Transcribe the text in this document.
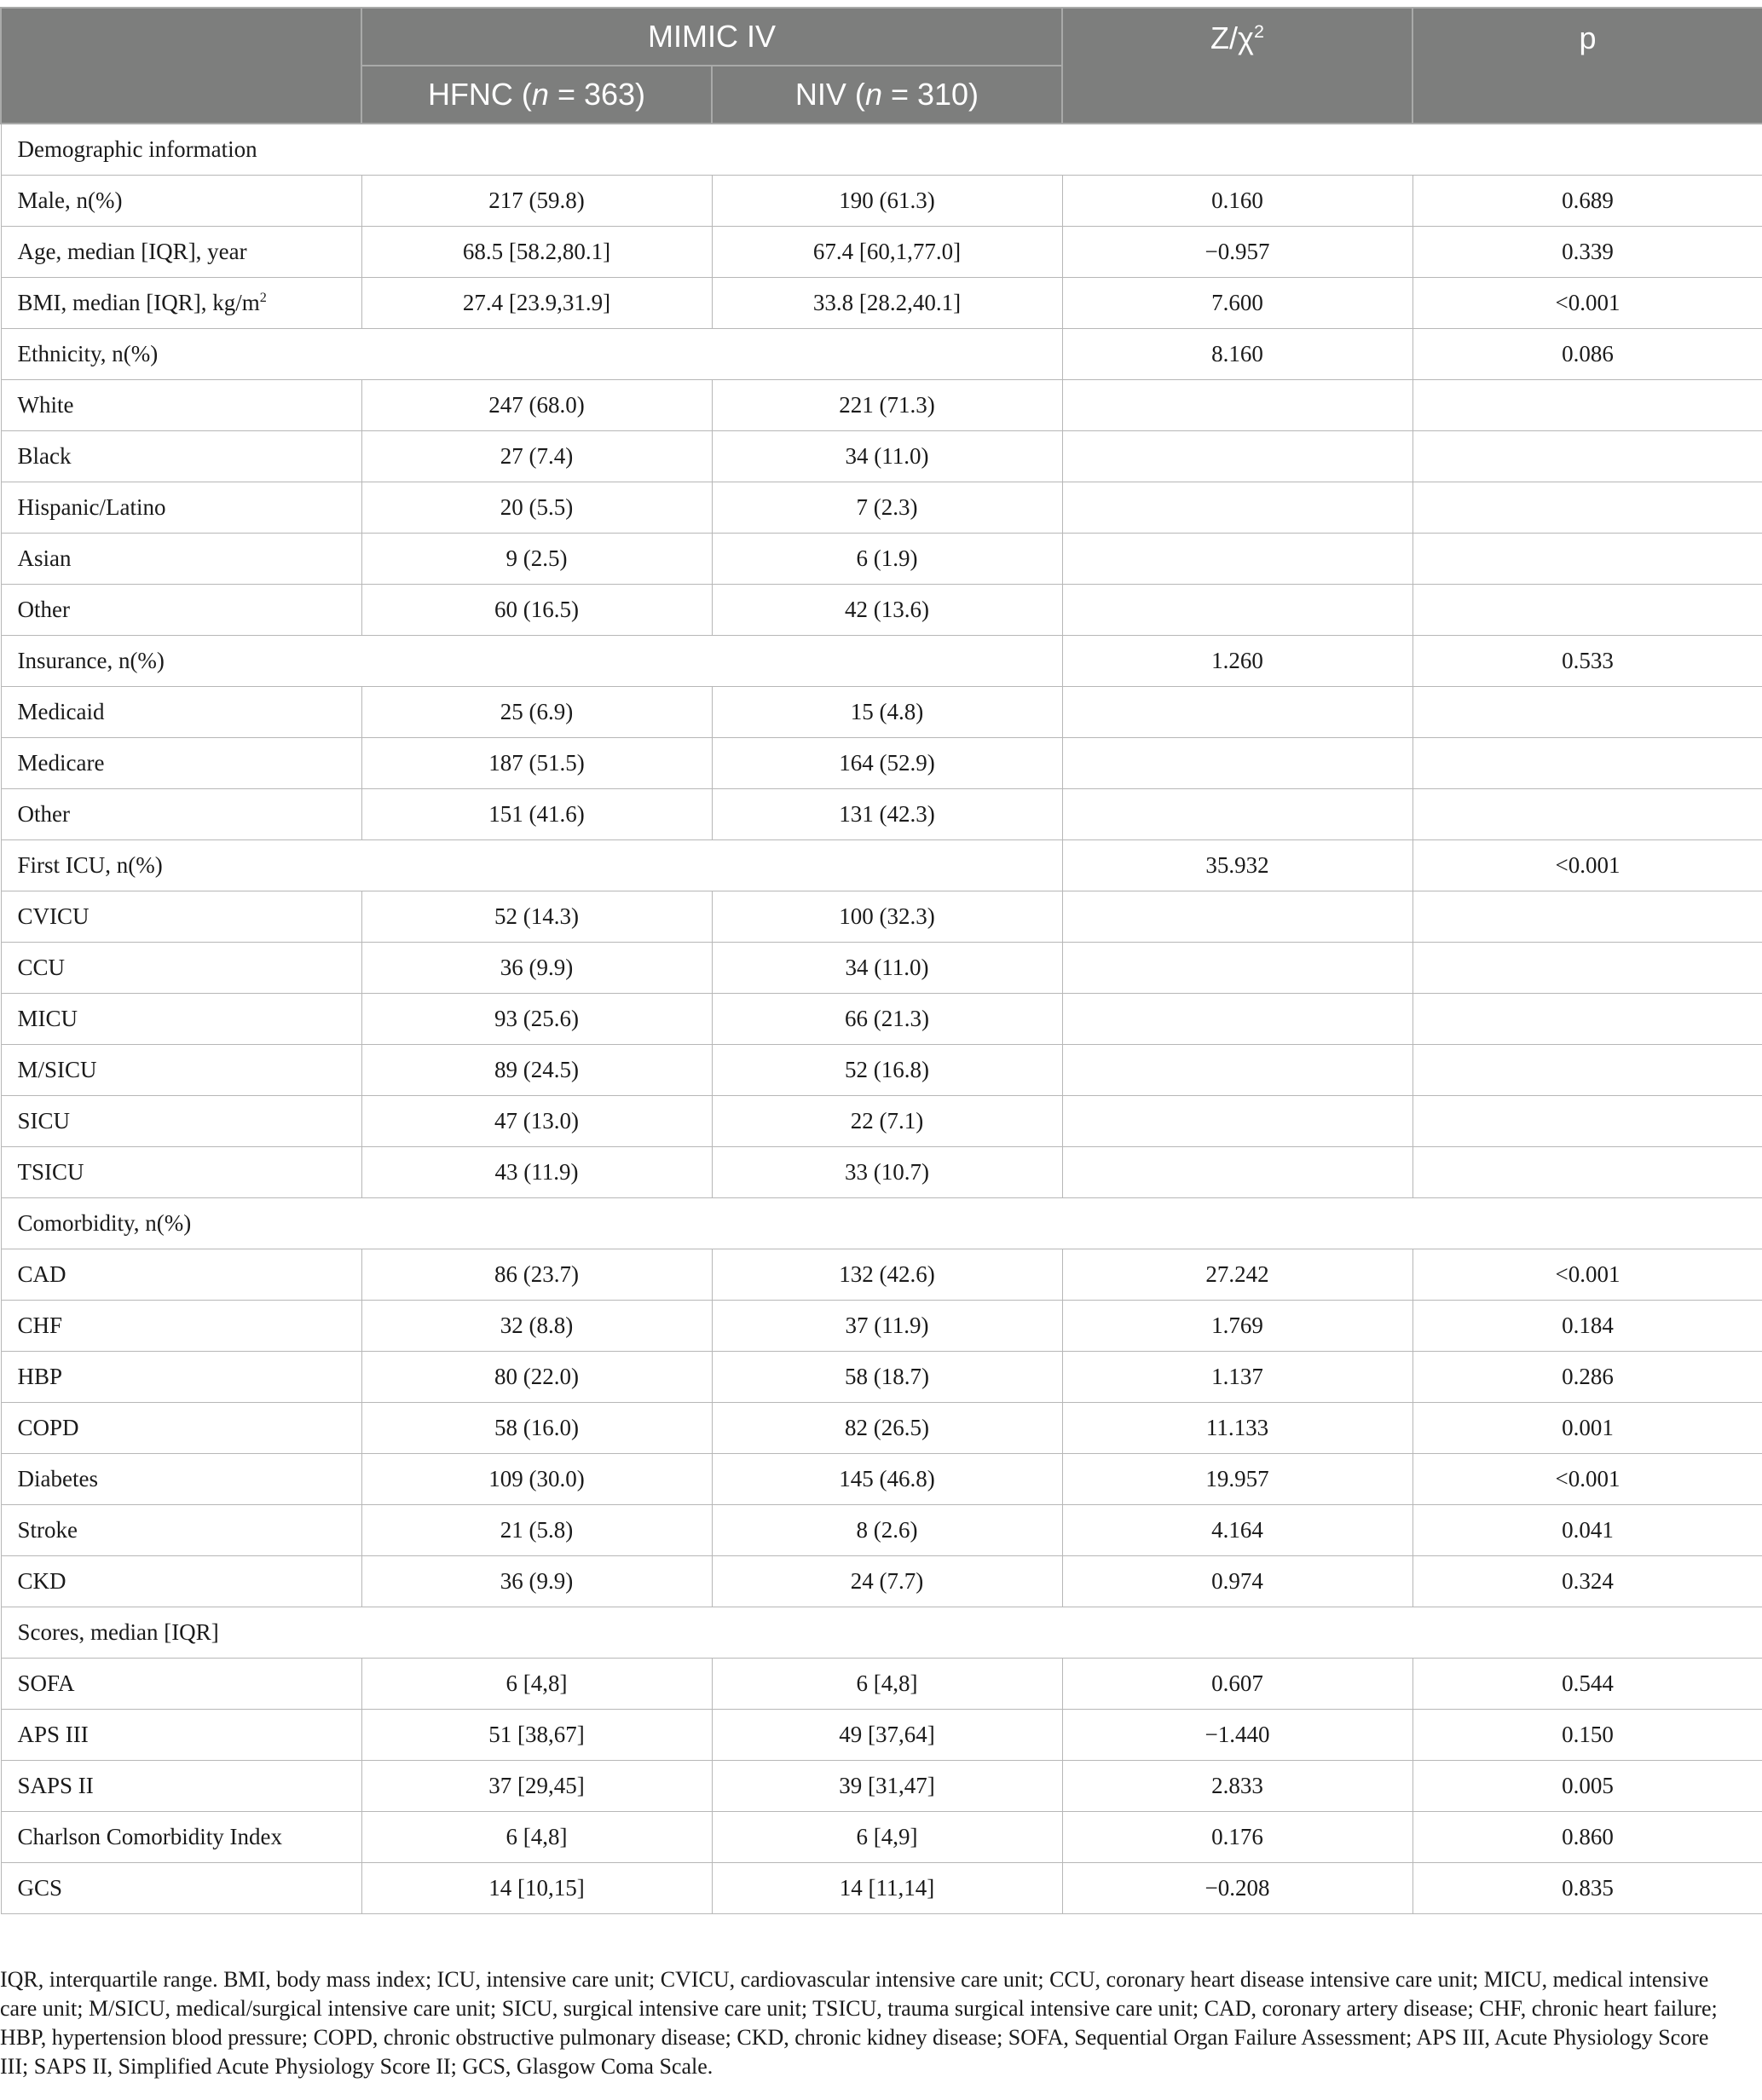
	MIMIC IV		$Z/\chi^2$	p
	HFNC (n = 363)	NIV (n = 310)		
Demographic information				
Male, n(%)	217 (59.8)	190 (61.3)	0.160	0.689
Age, median [IQR], year	68.5 [58.2,80.1]	67.4 [60,1,77.0]	−0.957	0.339
BMI, median [IQR], $kg/m^2$	27.4 [23.9,31.9]	33.8 [28.2,40.1]	7.600	<0.001
Ethnicity, n(%)			8.160	0.086
White	247 (68.0)	221 (71.3)		
Black	27 (7.4)	34 (11.0)		
Hispanic/Latino	20 (5.5)	7 (2.3)		
Asian	9 (2.5)	6 (1.9)		
Other	60 (16.5)	42 (13.6)		
Insurance, n(%)			1.260	0.533
Medicaid	25 (6.9)	15 (4.8)		
Medicare	187 (51.5)	164 (52.9)		
Other	151 (41.6)	131 (42.3)		
First ICU, n(%)			35.932	<0.001
CVICU	52 (14.3)	100 (32.3)		
CCU	36 (9.9)	34 (11.0)		
MICU	93 (25.6)	66 (21.3)		
M/SICU	89 (24.5)	52 (16.8)		
SICU	47 (13.0)	22 (7.1)		
TSICU	43 (11.9)	33 (10.7)		
Comorbidity, n(%)				
CAD	86 (23.7)	132 (42.6)	27.242	<0.001
CHF	32 (8.8)	37 (11.9)	1.769	0.184
HBP	80 (22.0)	58 (18.7)	1.137	0.286
COPD	58 (16.0)	82 (26.5)	11.133	0.001
Diabetes	109 (30.0)	145 (46.8)	19.957	<0.001
Stroke	21 (5.8)	8 (2.6)	4.164	0.041
CKD	36 (9.9)	24 (7.7)	0.974	0.324
Scores, median [IQR]				
SOFA	6 [4,8]	6 [4,8]	0.607	0.544
APS III	51 [38,67]	49 [37,64]	−1.440	0.150
SAPS II	37 [29,45]	39 [31,47]	2.833	0.005
Charlson Comorbidity Index	6 [4,8]	6 [4,9]	0.176	0.860
GCS	14 [10,15]	14 [11,14]	−0.208	0.835

IQR, interquartile range. BMI, body mass index; ICU, intensive care unit; CVICU, cardiovascular intensive care unit; CCU, coronary heart disease intensive care unit; MICU, medical intensive care unit; M/SICU, medical/surgical intensive care unit; SICU, surgical intensive care unit; TSICU, trauma surgical intensive care unit; CAD, coronary artery disease; CHF, chronic heart failure; HBP, hypertension blood pressure; COPD, chronic obstructive pulmonary disease; CKD, chronic kidney disease; SOFA, Sequential Organ Failure Assessment; APS III, Acute Physiology Score III; SAPS II, Simplified Acute Physiology Score II; GCS, Glasgow Coma Scale.
